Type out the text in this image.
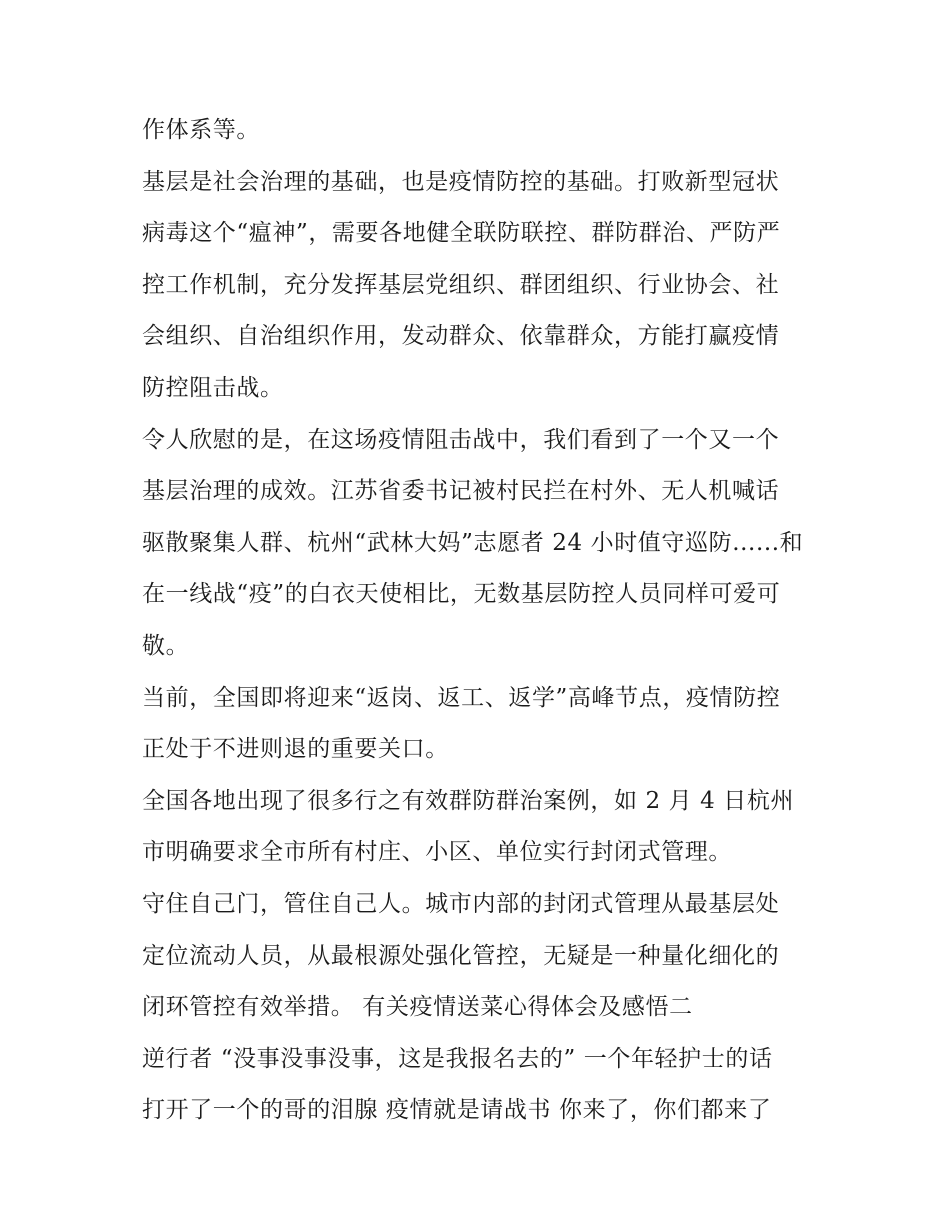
作体系等。
基层是社会治理的基础，也是疫情防控的基础。打败新型冠状
病毒这个“瘟神”，需要各地健全联防联控、群防群治、严防严
控工作机制，充分发挥基层党组织、群团组织、行业协会、社
会组织、自治组织作用，发动群众、依靠群众，方能打赢疫情
防控阻击战。
令人欣慰的是，在这场疫情阻击战中，我们看到了一个又一个
基层治理的成效。江苏省委书记被村民拦在村外、无人机喊话
驱散聚集人群、杭州“武林大妈”志愿者 24 小时值守巡防......和
在一线战“疫”的白衣天使相比，无数基层防控人员同样可爱可
敬。
当前，全国即将迎来“返岗、返工、返学”高峰节点，疫情防控
正处于不进则退的重要关口。
全国各地出现了很多行之有效群防群治案例，如 2 月 4 日杭州
市明确要求全市所有村庄、小区、单位实行封闭式管理。
守住自己门，管住自己人。城市内部的封闭式管理从最基层处
定位流动人员，从最根源处强化管控，无疑是一种量化细化的
闭环管控有效举措。 有关疫情送菜心得体会及感悟二
逆行者 “没事没事没事，这是我报名去的” 一个年轻护士的话
打开了一个的哥的泪腺 疫情就是请战书 你来了，你们都来了
